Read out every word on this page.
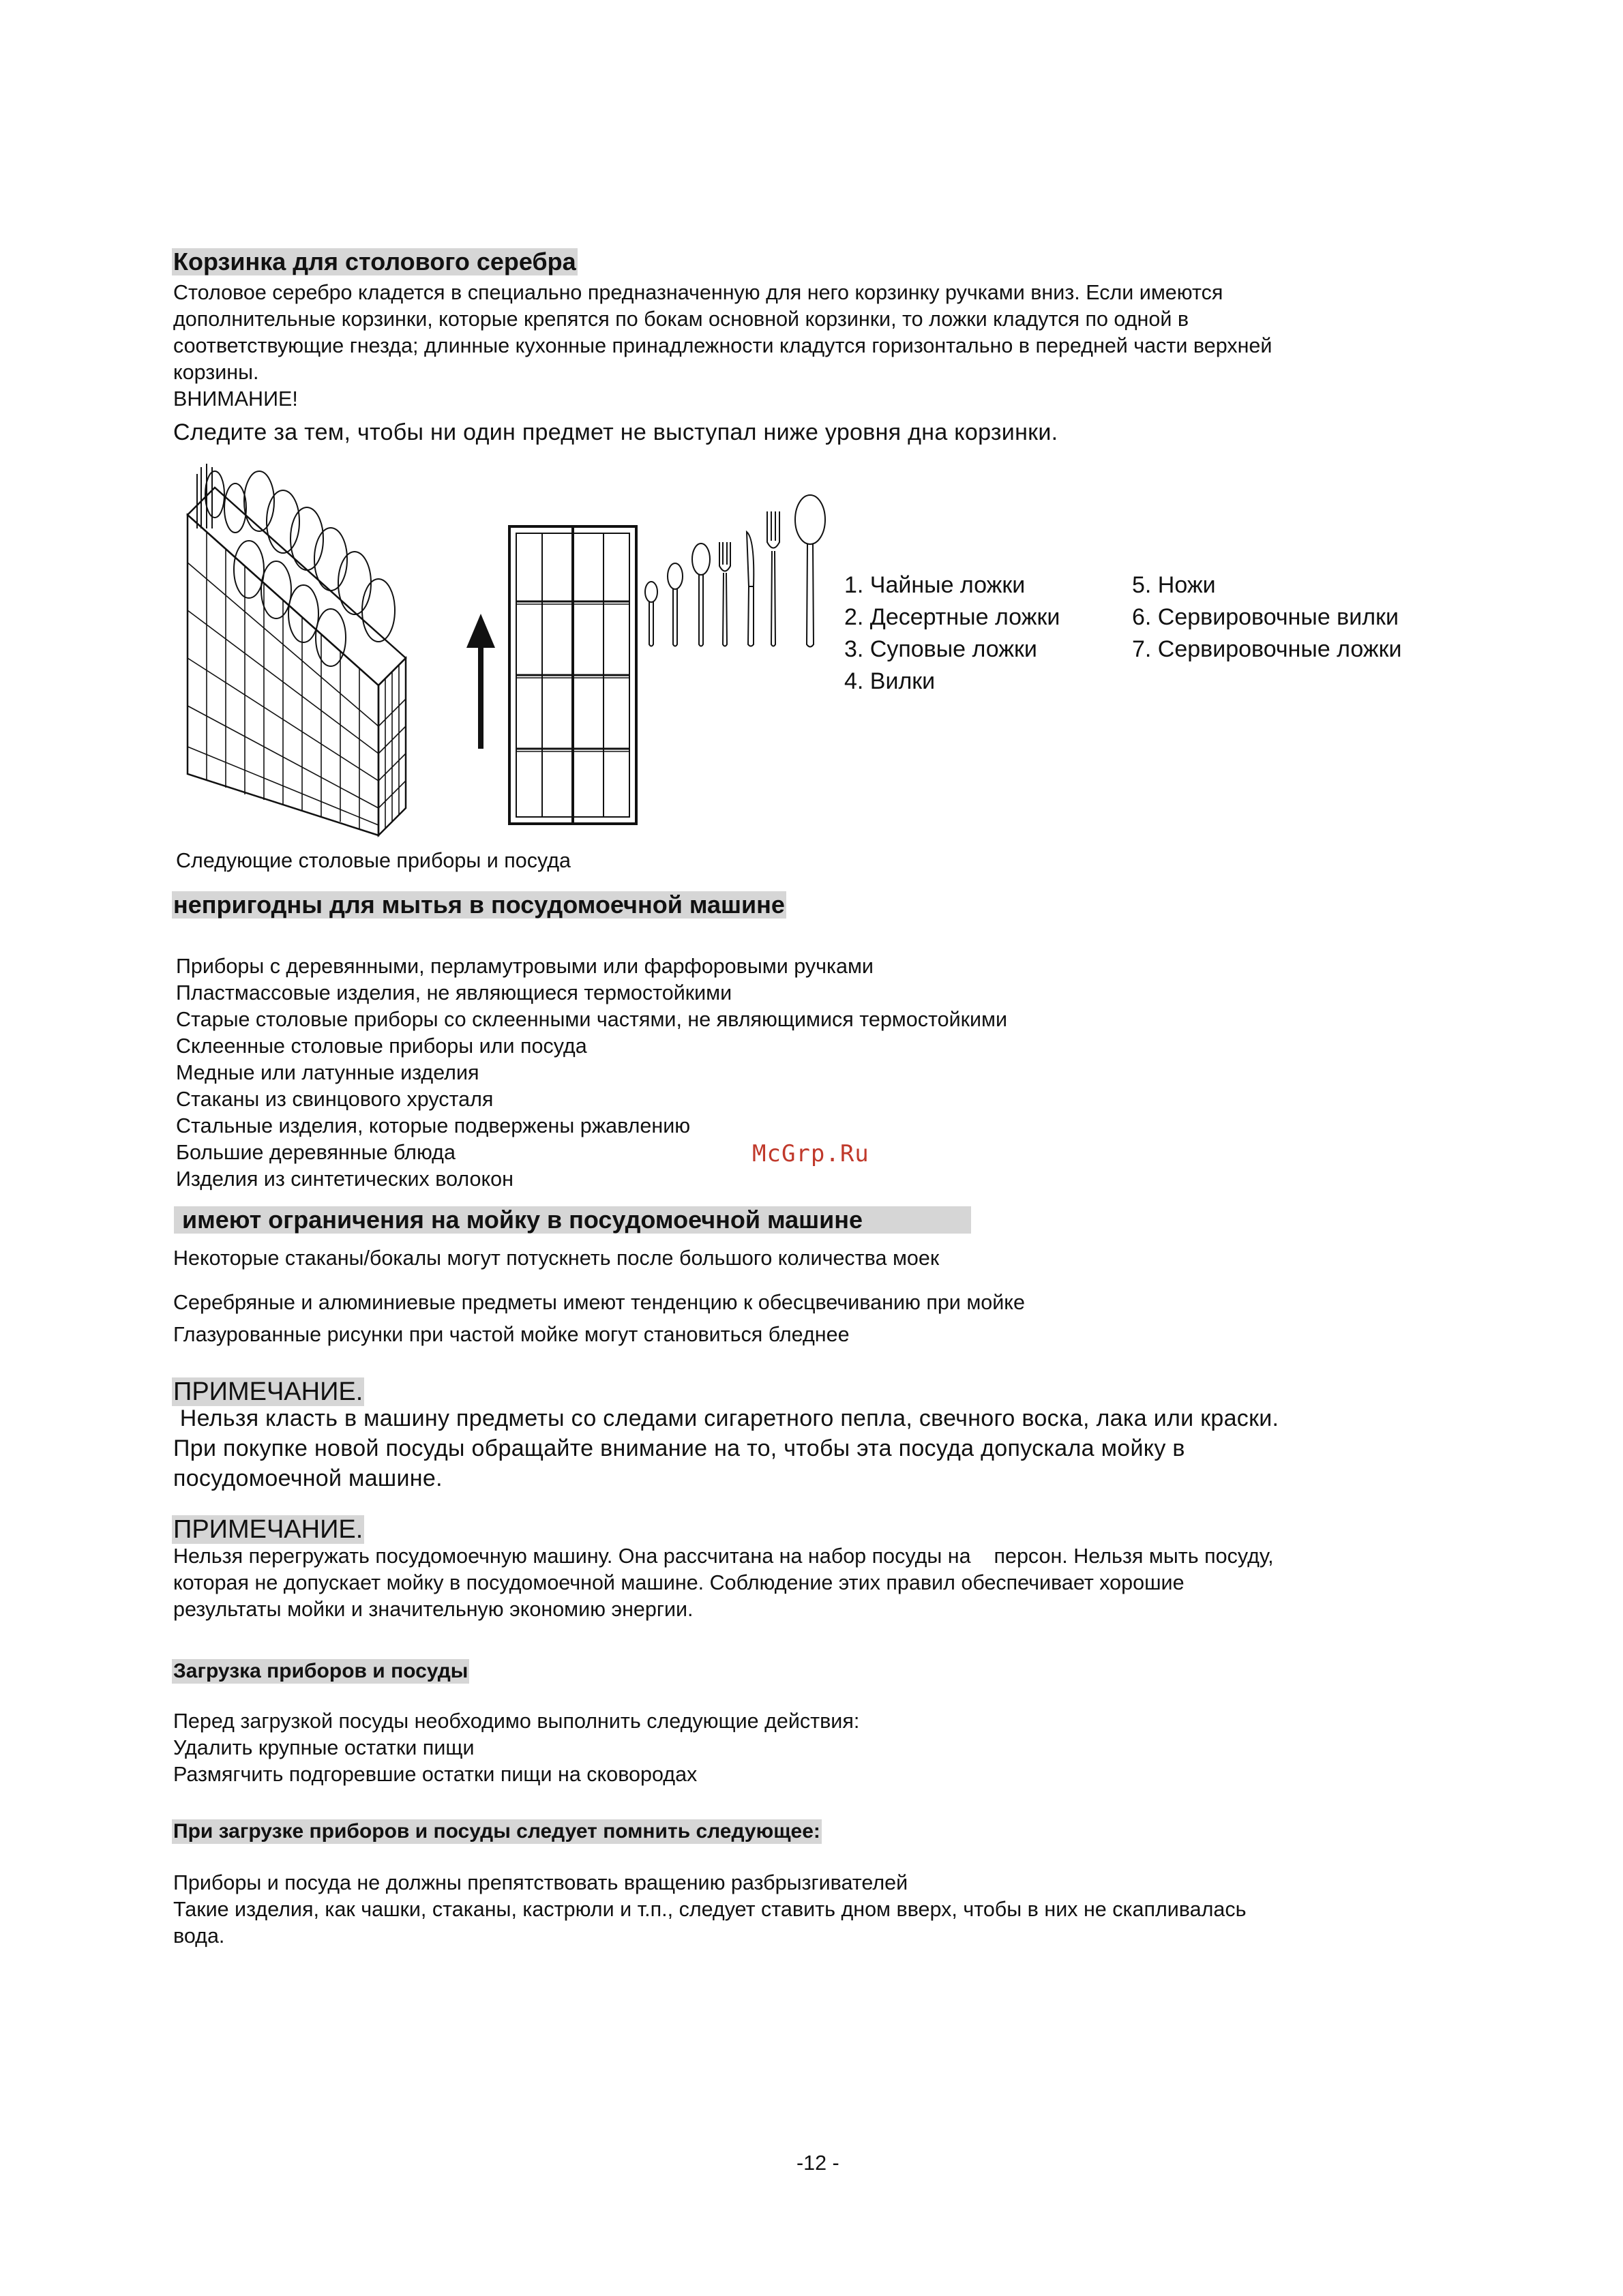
Корзинка для столового серебра
Столовое серебро кладется в специально предназначенную для него корзинку ручками вниз. Если имеются
дополнительные корзинки, которые крепятся по бокам основной корзинки, то ложки кладутся по одной в
соответствующие гнезда; длинные кухонные принадлежности кладутся горизонтально в передней части верхней
корзины.
ВНИМАНИЕ!
Следите за тем, чтобы ни один предмет не выступал ниже уровня дна корзинки.
1. Чайные ложки
2. Десертные ложки
3. Суповые ложки
4. Вилки
5. Ножи
6. Сервировочные вилки
7. Сервировочные ложки
Следующие столовые приборы и посуда
непригодны для мытья в посудомоечной машине
Приборы с деревянными, перламутровыми или фарфоровыми ручками
Пластмассовые изделия, не являющиеся термостойкими
Старые столовые приборы со склеенными частями, не являющимися термостойкими
Склеенные столовые приборы или посуда
Медные или латунные изделия
Стаканы из свинцового хрусталя
Стальные изделия, которые подвержены ржавлению
Большие деревянные блюда
Изделия из синтетических волокон
McGrp.Ru
имеют ограничения на мойку в посудомоечной машине
Некоторые стаканы/бокалы могут потускнеть после большого количества моек
Серебряные и алюминиевые предметы имеют тенденцию к обесцвечиванию при мойке
Глазурованные рисунки при частой мойке могут становиться бледнее
ПРИМЕЧАНИЕ.
Нельзя класть в машину предметы со следами сигаретного пепла, свечного воска, лака или краски.
При покупке новой посуды обращайте внимание на то, чтобы эта посуда допускала мойку в
посудомоечной машине.
ПРИМЕЧАНИЕ.
Нельзя перегружать посудомоечную машину. Она рассчитана на набор посуды на    персон. Нельзя мыть посуду,
которая не допускает мойку в посудомоечной машине. Соблюдение этих правил обеспечивает хорошие
результаты мойки и значительную экономию энергии.
Загрузка приборов и посуды
Перед загрузкой посуды необходимо выполнить следующие действия:
Удалить крупные остатки пищи
Размягчить подгоревшие остатки пищи на сковородах
При загрузке приборов и посуды следует помнить следующее:
Приборы и посуда не должны препятствовать вращению разбрызгивателей
Такие изделия, как чашки, стаканы, кастрюли и т.п., следует ставить дном вверх, чтобы в них не скапливалась
вода.
-12 -
